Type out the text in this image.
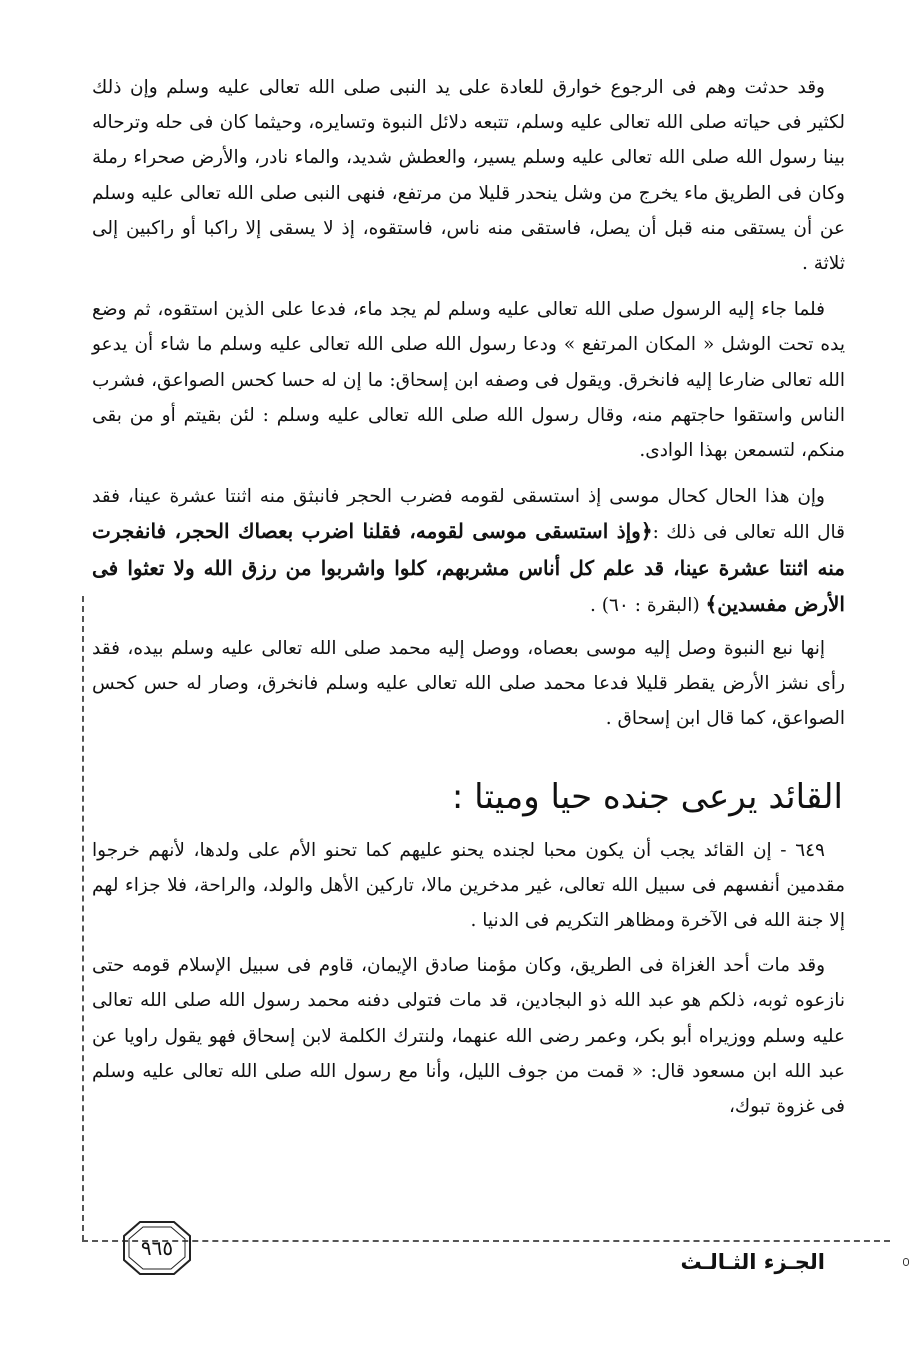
وقد حدثت وهم فى الرجوع خوارق للعادة على يد النبى صلى الله تعالى عليه وسلم وإن ذلك لكثير فى حياته صلى الله تعالى عليه وسلم، تتبعه دلائل النبوة وتسايره، وحيثما كان فى حله وترحاله بينا رسول الله صلى الله تعالى عليه وسلم يسير، والعطش شديد، والماء نادر، والأرض صحراء رملة وكان فى الطريق ماء يخرج من وشل ينحدر قليلا من مرتفع، فنهى النبى صلى الله تعالى عليه وسلم عن أن يستقى منه قبل أن يصل، فاستقى منه ناس، فاستقوه، إذ لا يسقى إلا راكبا أو راكبين إلى ثلاثة .

فلما جاء إليه الرسول صلى الله تعالى عليه وسلم لم يجد ماء، فدعا على الذين استقوه، ثم وضع يده تحت الوشل « المكان المرتفع » ودعا رسول الله صلى الله تعالى عليه وسلم ما شاء أن يدعو الله تعالى ضارعا إليه فانخرق. ويقول فى وصفه ابن إسحاق: ما إن له حسا كحس الصواعق، فشرب الناس واستقوا حاجتهم منه، وقال رسول الله صلى الله تعالى عليه وسلم : لئن بقيتم أو من بقى منكم، لتسمعن بهذا الوادى.

وإن هذا الحال كحال موسى إذ استسقى لقومه فضرب الحجر فانبثق منه اثنتا عشرة عينا، فقد قال الله تعالى فى ذلك :﴿وإذ استسقى موسى لقومه، فقلنا اضرب بعصاك الحجر، فانفجرت منه اثنتا عشرة عينا، قد علم كل أناس مشربهم، كلوا واشربوا من رزق الله ولا تعثوا فى الأرض مفسدين﴾ (البقرة : ٦٠) .

إنها نبع النبوة وصل إليه موسى بعصاه، ووصل إليه محمد صلى الله تعالى عليه وسلم بيده، فقد رأى نشز الأرض يقطر قليلا فدعا محمد صلى الله تعالى عليه وسلم فانخرق، وصار له حس كحس الصواعق، كما قال ابن إسحاق .

القائد يرعى جنده حيا وميتا :

٦٤٩ - إن القائد يجب أن يكون محبا لجنده يحنو عليهم كما تحنو الأم على ولدها، لأنهم خرجوا مقدمين أنفسهم فى سبيل الله تعالى، غير مدخرين مالا، تاركين الأهل والولد، والراحة، فلا جزاء لهم إلا جنة الله فى الآخرة ومظاهر التكريم فى الدنيا .

وقد مات أحد الغزاة فى الطريق، وكان مؤمنا صادق الإيمان، قاوم فى سبيل الإسلام قومه حتى نازعوه ثوبه، ذلكم هو عبد الله ذو البجادين، قد مات فتولى دفنه محمد رسول الله صلى الله تعالى عليه وسلم ووزيراه أبو بكر، وعمر رضى الله عنهما، ولنترك الكلمة لابن إسحاق فهو يقول راويا عن عبد الله ابن مسعود قال: « قمت من جوف الليل، وأنا مع رسول الله صلى الله تعالى عليه وسلم فى غزوة تبوك،

٩٦٥
الجـزء الثـالـث
